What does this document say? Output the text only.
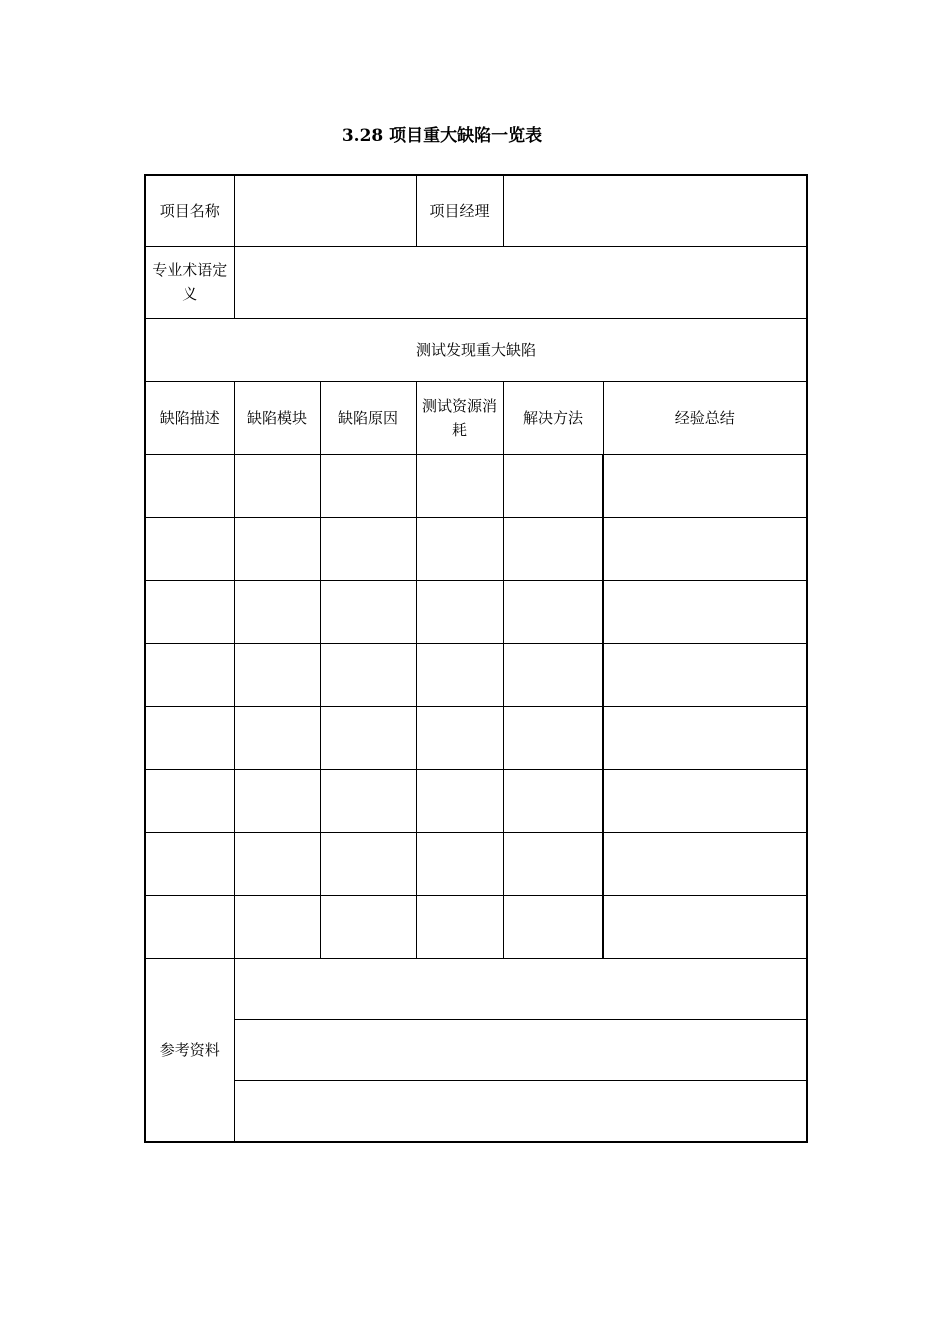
3.28 项目重大缺陷一览表
项目名称			项目经理		
专业术语定义					
测试发现重大缺陷					
缺陷描述	缺陷模块	缺陷原因	测试资源消耗	解决方法	经验总结

参考资料					
